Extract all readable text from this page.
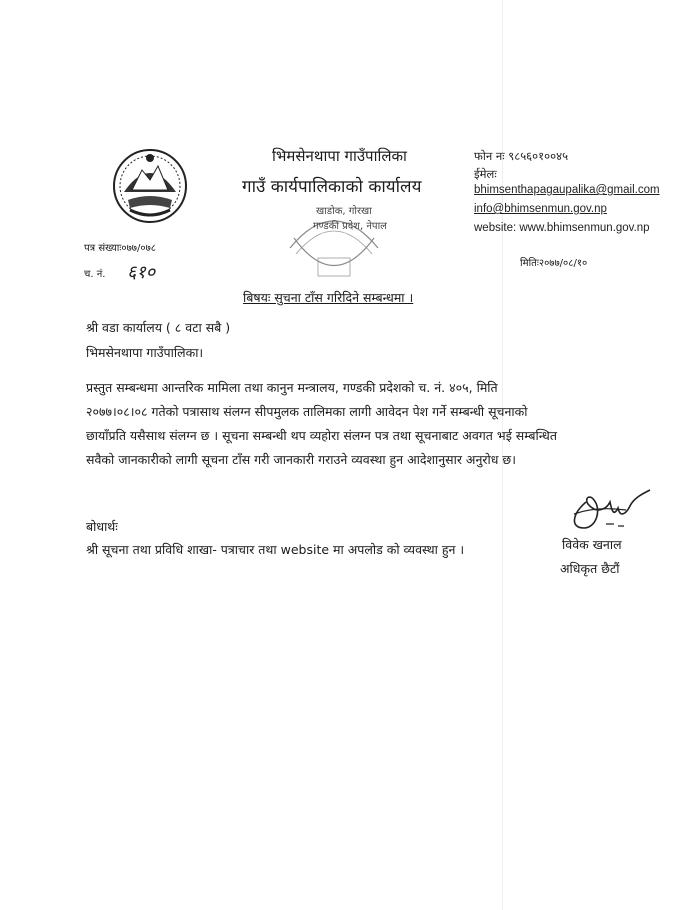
भिमसेनथापा गाउँपालिका
गाउँ कार्यपालिकाको कार्यालय
फोन नः ९८५६०१००४५
ईमेलः
bhimsenthapagaupalika@gmail.com
info@bhimsenmun.gov.np
website: www.bhimsenmun.gov.np
खाडोक, गोरखा
गण्डकी प्रदेश, नेपाल
पत्र संख्याः०७७/०७८
च. नं. ६१०	मितिः२०७७/०८/१०
बिषयः सुचना टाँस गरिदिने सम्बन्धमा ।
श्री वडा कार्यालय ( ८ वटा सबै )
भिमसेनथापा गाउँपालिका।
प्रस्तुत सम्बन्धमा आन्तरिक मामिला तथा कानुन मन्त्रालय, गण्डकी प्रदेशको च. नं. ४०५, मिति
२०७७।०८।०८ गतेको पत्रासाथ संलग्न सीपमुलक तालिमका लागी आवेदन पेश गर्ने सम्बन्धी सूचनाको
छायाँप्रति यसैसाथ संलग्न छ । सूचना सम्बन्धी थप व्यहोरा संलग्न पत्र तथा सूचनाबाट अवगत भई सम्बन्धित
सवैको जानकारीको लागी सूचना टाँस गरी जानकारी गराउने व्यवस्था हुन आदेशानुसार अनुरोध छ।
बोधार्थः
श्री सूचना तथा प्रविधि शाखा- पत्राचार तथा website मा अपलोड को व्यवस्था हुन ।	विवेक खनाल
अधिकृत छैटौं
